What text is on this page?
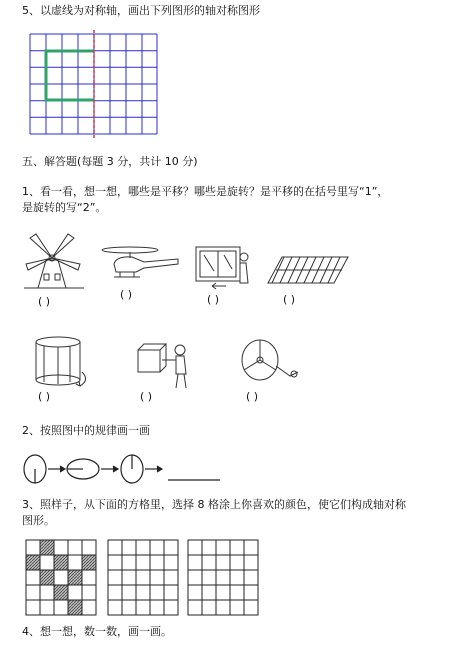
5、以虚线为对称轴，画出下列图形的轴对称图形
五、解答题(每题 3 分，共计 10 分)
1、看一看，想一想，哪些是平移？哪些是旋转？是平移的在括号里写“1”，
是旋转的写“2”。
( )
( )	( )	( )
( )	( )	( )
2、按照图中的规律画一画
3、照样子，从下面的方格里，选择 8 格涂上你喜欢的颜色，使它们构成轴对称
图形。
4、想一想，数一数，画一画。
